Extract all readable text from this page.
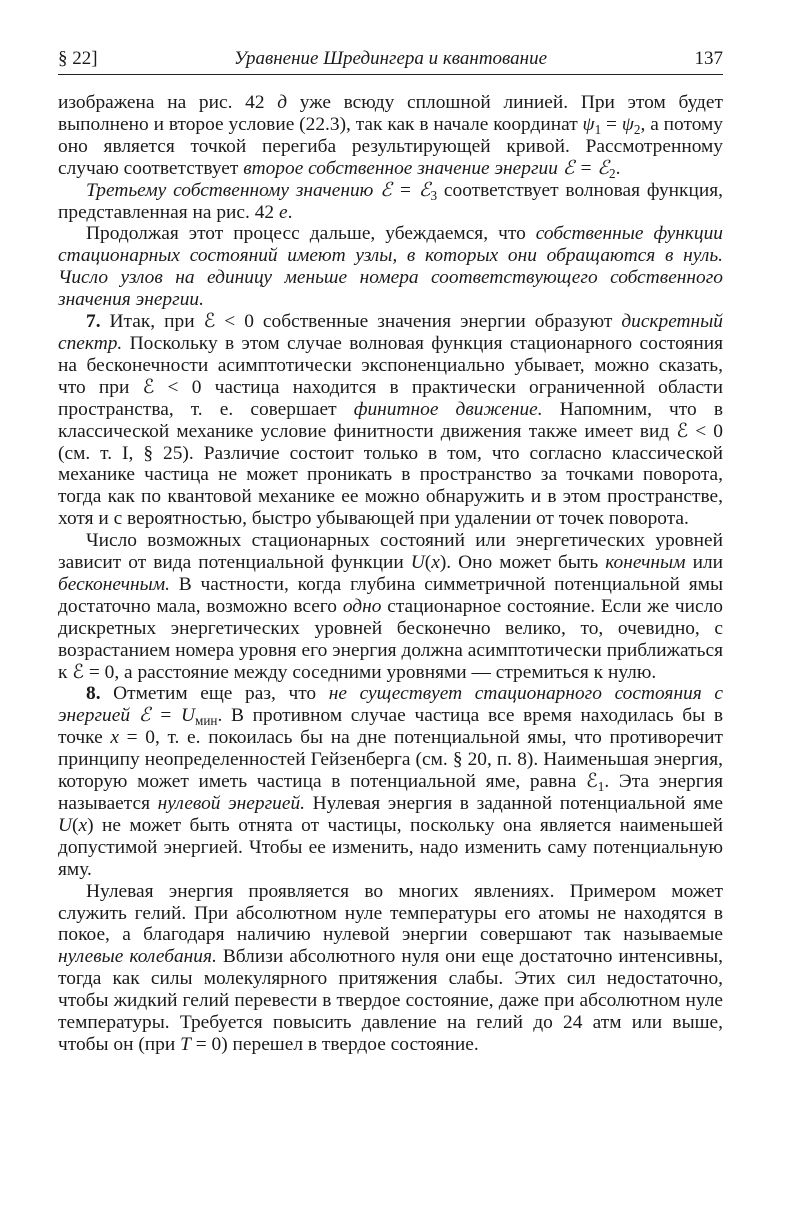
§ 22]	Уравнение Шредингера и квантование	137

изображена на рис. 42 д уже всюду сплошной линией. При этом будет выполнено и второе условие (22.3), так как в начале координат $\psi_1 = \psi_2$, а потому оно является точкой перегиба результирующей кривой. Рассмотренному случаю соответствует второе собственное значение энергии ℰ = ℰ$_2$.

Третьему собственному значению ℰ = ℰ$_3$ соответствует волновая функция, представленная на рис. 42 е.

Продолжая этот процесс дальше, убеждаемся, что собственные функции стационарных состояний имеют узлы, в которых они обращаются в нуль. Число узлов на единицу меньше номера соответствующего собственного значения энергии.

7. Итак, при ℰ < 0 собственные значения энергии образуют дискретный спектр. Поскольку в этом случае волновая функция стационарного состояния на бесконечности асимптотически экспоненциально убывает, можно сказать, что при ℰ < 0 частица находится в практически ограниченной области пространства, т. е. совершает финитное движение. Напомним, что в классической механике условие финитности движения также имеет вид ℰ < 0 (см. т. I, § 25). Различие состоит только в том, что согласно классической механике частица не может проникать в пространство за точками поворота, тогда как по квантовой механике ее можно обнаружить и в этом пространстве, хотя и с вероятностью, быстро убывающей при удалении от точек поворота.

Число возможных стационарных состояний или энергетических уровней зависит от вида потенциальной функции U(x). Оно может быть конечным или бесконечным. В частности, когда глубина симметричной потенциальной ямы достаточно мала, возможно всего одно стационарное состояние. Если же число дискретных энергетических уровней бесконечно велико, то, очевидно, с возрастанием номера уровня его энергия должна асимптотически приближаться к ℰ = 0, а расстояние между соседними уровнями — стремиться к нулю.

8. Отметим еще раз, что не существует стационарного состояния с энергией ℰ = $U_{мин}$. В противном случае частица все время находилась бы в точке x = 0, т. е. покоилась бы на дне потенциальной ямы, что противоречит принципу неопределенностей Гейзенберга (см. § 20, п. 8). Наименьшая энергия, которую может иметь частица в потенциальной яме, равна ℰ$_1$. Эта энергия называется нулевой энергией. Нулевая энергия в заданной потенциальной яме U(x) не может быть отнята от частицы, поскольку она является наименьшей допустимой энергией. Чтобы ее изменить, надо изменить саму потенциальную яму.

Нулевая энергия проявляется во многих явлениях. Примером может служить гелий. При абсолютном нуле температуры его атомы не находятся в покое, а благодаря наличию нулевой энергии совершают так называемые нулевые колебания. Вблизи абсолютного нуля они еще достаточно интенсивны, тогда как силы молекулярного притяжения слабы. Этих сил недостаточно, чтобы жидкий гелий перевести в твердое состояние, даже при абсолютном нуле температуры. Требуется повысить давление на гелий до 24 атм или выше, чтобы он (при T = 0) перешел в твердое состояние.
